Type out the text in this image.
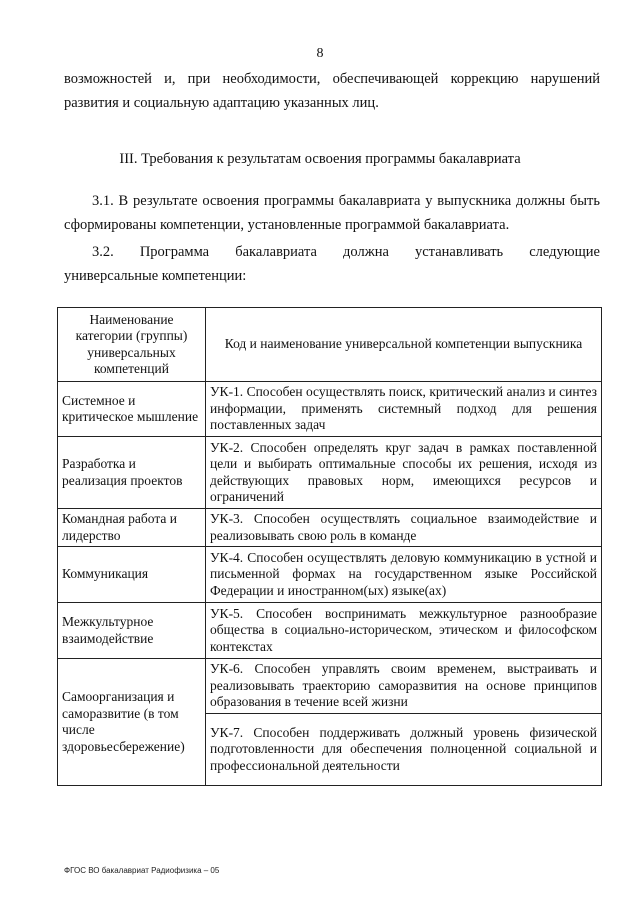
8
возможностей и, при необходимости, обеспечивающей коррекцию нарушений развития и социальную адаптацию указанных лиц.
III. Требования к результатам освоения программы бакалавриата
3.1. В результате освоения программы бакалавриата у выпускника должны быть сформированы компетенции, установленные программой бакалавриата.
3.2. Программа бакалавриата должна устанавливать следующие
универсальные компетенции:
Наименование категории (группы) универсальных компетенций	Код и наименование универсальной компетенции выпускника
Системное и критическое мышление	УК-1. Способен осуществлять поиск, критический анализ и синтез информации, применять системный подход для решения поставленных задач
Разработка и реализация проектов	УК-2. Способен определять круг задач в рамках поставленной цели и выбирать оптимальные способы их решения, исходя из действующих правовых норм, имеющихся ресурсов и ограничений
Командная работа и лидерство	УК-3. Способен осуществлять социальное взаимодействие и реализовывать свою роль в команде
Коммуникация	УК-4. Способен осуществлять деловую коммуникацию в устной и письменной формах на государственном языке Российской Федерации и иностранном(ых) языке(ах)
Межкультурное взаимодействие	УК-5. Способен воспринимать межкультурное разнообразие общества в социально-историческом, этическом и философском контекстах
Самоорганизация и саморазвитие (в том числе здоровьесбережение)	УК-6. Способен управлять своим временем, выстраивать и реализовывать траекторию саморазвития на основе принципов образования в течение всей жизни
	УК-7. Способен поддерживать должный уровень физической подготовленности для обеспечения полноценной социальной и профессиональной деятельности
ФГОС ВО бакалавриат Радиофизика – 05
